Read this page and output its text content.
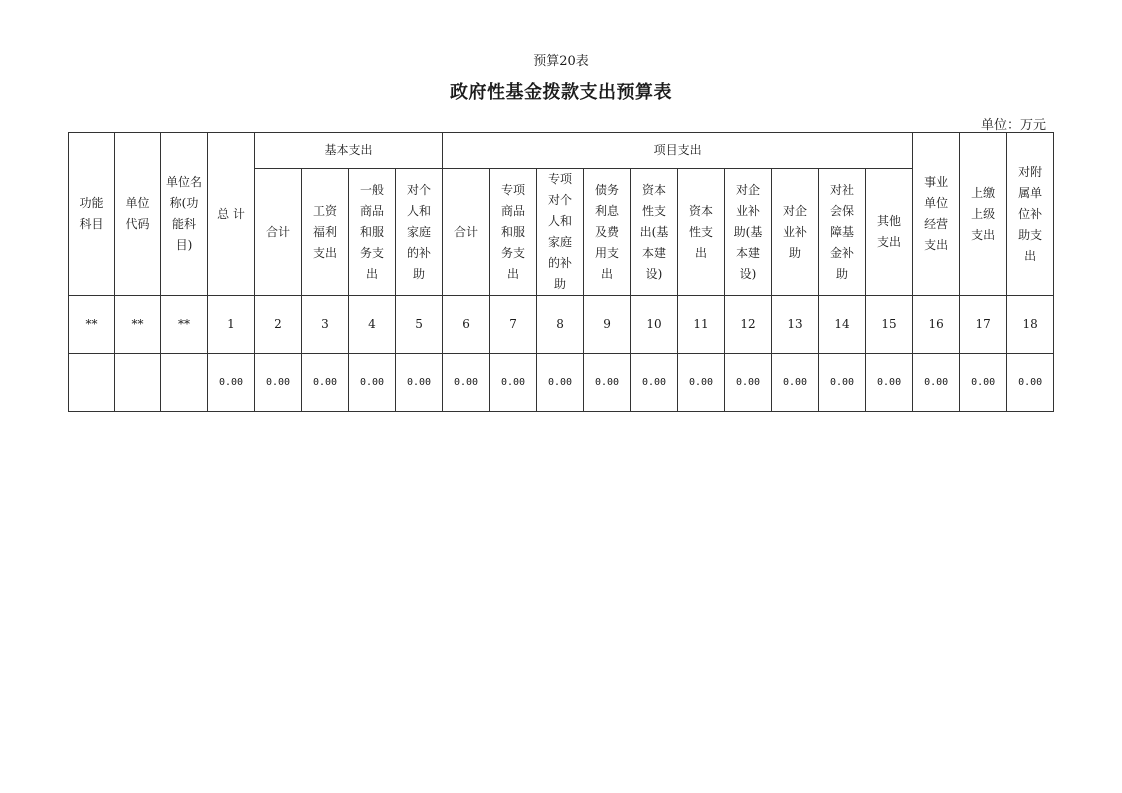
预算20表
政府性基金拨款支出预算表
单位：万元
功能科目	单位代码	单位名称(功能科目)	总 计	基本支出				项目支出										事业单位经营支出	上缴上级支出	对附属单位补助支出
				合计	工资福利支出	一般商品和服务支出	对个人和家庭的补助	合计	专项商品和服务支出	专项对个人和家庭的补助	债务利息及费用支出	资本性支出(基本建设)	资本性支出	对企业补助(基本建设)	对企业补助	对社会保障基金补助	其他支出			
**	**	**	1	2	3	4	5	6	7	8	9	10	11	12	13	14	15	16	17	18
			0.00	0.00	0.00	0.00	0.00	0.00	0.00	0.00	0.00	0.00	0.00	0.00	0.00	0.00	0.00	0.00	0.00	0.00
